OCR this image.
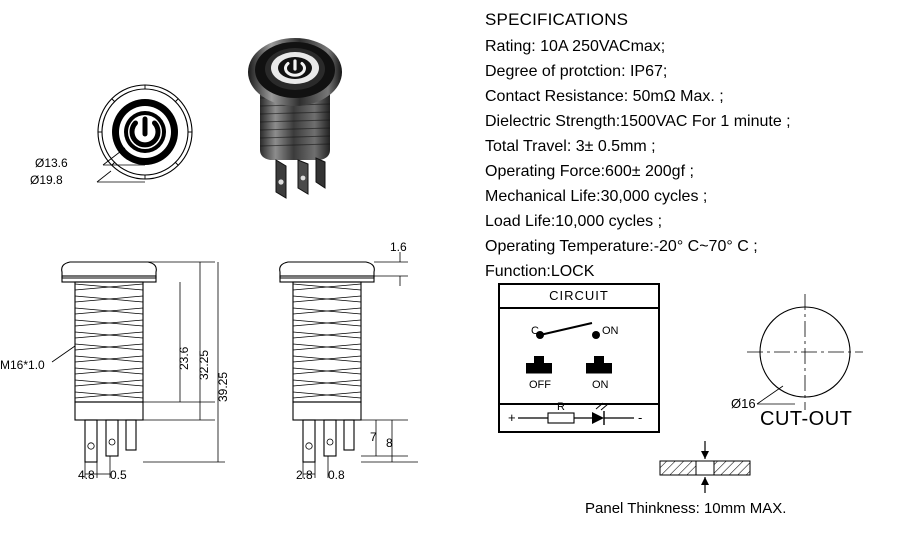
SPECIFICATIONS
Rating: 10A 250VACmax;
Degree of protction: IP67;
Contact Resistance: 50mΩ Max. ;
Dielectric Strength:1500VAC For 1 minute ;
Total Travel: 3± 0.5mm ;
Operating Force:600± 200gf ;
Mechanical Life:30,000 cycles ;
Load Life:10,000 cycles ;
Operating Temperature:-20° C~70° C ;
Function:LOCK
Ø13.6
Ø19.8
M16*1.0	23.6 32.25
39.25
4.8 0.5
1.6
7 8
2.8 0.8
CIRCUIT
C	ON
OFF	ON
+	-
R	Ø16
CUT-OUT
Panel Thinkness: 10mm MAX.
